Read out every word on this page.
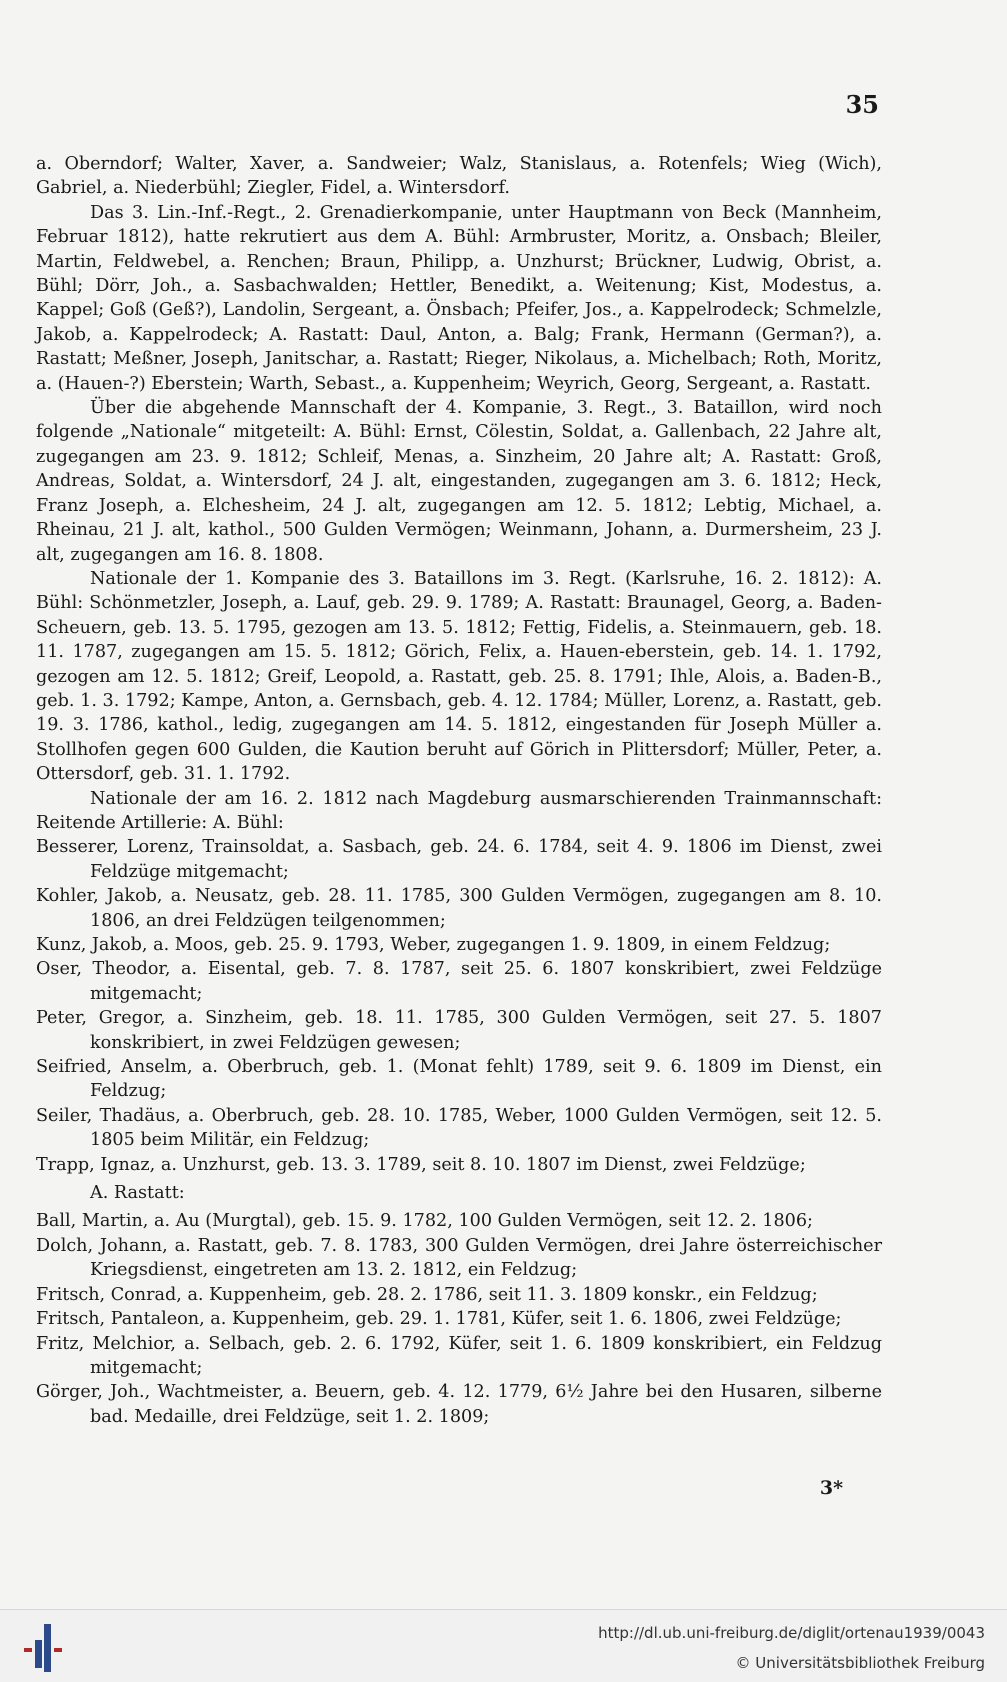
35

a. Oberndorf; Walter, Xaver, a. Sandweier; Walz, Stanislaus, a. Rotenfels; Wieg (Wich), Gabriel, a. Niederbühl; Ziegler, Fidel, a. Wintersdorf.

Das 3. Lin.-Inf.-Regt., 2. Grenadierkompanie, unter Hauptmann von Beck (Mannheim, Februar 1812), hatte rekrutiert aus dem A. Bühl: Armbruster, Moritz, a. Onsbach; Bleiler, Martin, Feldwebel, a. Renchen; Braun, Philipp, a. Unzhurst; Brückner, Ludwig, Obrist, a. Bühl; Dörr, Joh., a. Sasbachwalden; Hettler, Benedikt, a. Weitenung; Kist, Modestus, a. Kappel; Goß (Geß?), Landolin, Sergeant, a. Önsbach; Pfeifer, Jos., a. Kappelrodeck; Schmelzle, Jakob, a. Kappelrodeck; A. Rastatt: Daul, Anton, a. Balg; Frank, Hermann (German?), a. Rastatt; Meßner, Joseph, Janitschar, a. Rastatt; Rieger, Nikolaus, a. Michelbach; Roth, Moritz, a. (Hauen-?) Eberstein; Warth, Sebast., a. Kuppenheim; Weyrich, Georg, Sergeant, a. Rastatt.

Über die abgehende Mannschaft der 4. Kompanie, 3. Regt., 3. Bataillon, wird noch folgende „Nationale“ mitgeteilt: A. Bühl: Ernst, Cölestin, Soldat, a. Gallenbach, 22 Jahre alt, zugegangen am 23. 9. 1812; Schleif, Menas, a. Sinzheim, 20 Jahre alt; A. Rastatt: Groß, Andreas, Soldat, a. Wintersdorf, 24 J. alt, eingestanden, zugegangen am 3. 6. 1812; Heck, Franz Joseph, a. Elchesheim, 24 J. alt, zugegangen am 12. 5. 1812; Lebtig, Michael, a. Rheinau, 21 J. alt, kathol., 500 Gulden Vermögen; Weinmann, Johann, a. Durmersheim, 23 J. alt, zugegangen am 16. 8. 1808.

Nationale der 1. Kompanie des 3. Bataillons im 3. Regt. (Karlsruhe, 16. 2. 1812): A. Bühl: Schönmetzler, Joseph, a. Lauf, geb. 29. 9. 1789; A. Rastatt: Braunagel, Georg, a. Baden-Scheuern, geb. 13. 5. 1795, gezogen am 13. 5. 1812; Fettig, Fidelis, a. Steinmauern, geb. 18. 11. 1787, zugegangen am 15. 5. 1812; Görich, Felix, a. Hauen-eberstein, geb. 14. 1. 1792, gezogen am 12. 5. 1812; Greif, Leopold, a. Rastatt, geb. 25. 8. 1791; Ihle, Alois, a. Baden-B., geb. 1. 3. 1792; Kampe, Anton, a. Gernsbach, geb. 4. 12. 1784; Müller, Lorenz, a. Rastatt, geb. 19. 3. 1786, kathol., ledig, zugegangen am 14. 5. 1812, eingestanden für Joseph Müller a. Stollhofen gegen 600 Gulden, die Kaution beruht auf Görich in Plittersdorf; Müller, Peter, a. Ottersdorf, geb. 31. 1. 1792.

Nationale der am 16. 2. 1812 nach Magdeburg ausmarschierenden Trainmannschaft: Reitende Artillerie: A. Bühl:

Besserer, Lorenz, Trainsoldat, a. Sasbach, geb. 24. 6. 1784, seit 4. 9. 1806 im Dienst, zwei Feldzüge mitgemacht;

Kohler, Jakob, a. Neusatz, geb. 28. 11. 1785, 300 Gulden Vermögen, zugegangen am 8. 10. 1806, an drei Feldzügen teilgenommen;

Kunz, Jakob, a. Moos, geb. 25. 9. 1793, Weber, zugegangen 1. 9. 1809, in einem Feldzug;

Oser, Theodor, a. Eisental, geb. 7. 8. 1787, seit 25. 6. 1807 konskribiert, zwei Feldzüge mitgemacht;

Peter, Gregor, a. Sinzheim, geb. 18. 11. 1785, 300 Gulden Vermögen, seit 27. 5. 1807 konskribiert, in zwei Feldzügen gewesen;

Seifried, Anselm, a. Oberbruch, geb. 1. (Monat fehlt) 1789, seit 9. 6. 1809 im Dienst, ein Feldzug;

Seiler, Thadäus, a. Oberbruch, geb. 28. 10. 1785, Weber, 1000 Gulden Vermögen, seit 12. 5. 1805 beim Militär, ein Feldzug;

Trapp, Ignaz, a. Unzhurst, geb. 13. 3. 1789, seit 8. 10. 1807 im Dienst, zwei Feldzüge;

A. Rastatt:

Ball, Martin, a. Au (Murgtal), geb. 15. 9. 1782, 100 Gulden Vermögen, seit 12. 2. 1806;

Dolch, Johann, a. Rastatt, geb. 7. 8. 1783, 300 Gulden Vermögen, drei Jahre österreichischer Kriegsdienst, eingetreten am 13. 2. 1812, ein Feldzug;

Fritsch, Conrad, a. Kuppenheim, geb. 28. 2. 1786, seit 11. 3. 1809 konskr., ein Feldzug;

Fritsch, Pantaleon, a. Kuppenheim, geb. 29. 1. 1781, Küfer, seit 1. 6. 1806, zwei Feldzüge;

Fritz, Melchior, a. Selbach, geb. 2. 6. 1792, Küfer, seit 1. 6. 1809 konskribiert, ein Feldzug mitgemacht;

Görger, Joh., Wachtmeister, a. Beuern, geb. 4. 12. 1779, 6½ Jahre bei den Husaren, silberne bad. Medaille, drei Feldzüge, seit 1. 2. 1809;

3*
http://dl.ub.uni-freiburg.de/diglit/ortenau1939/0043
© Universitätsbibliothek Freiburg
